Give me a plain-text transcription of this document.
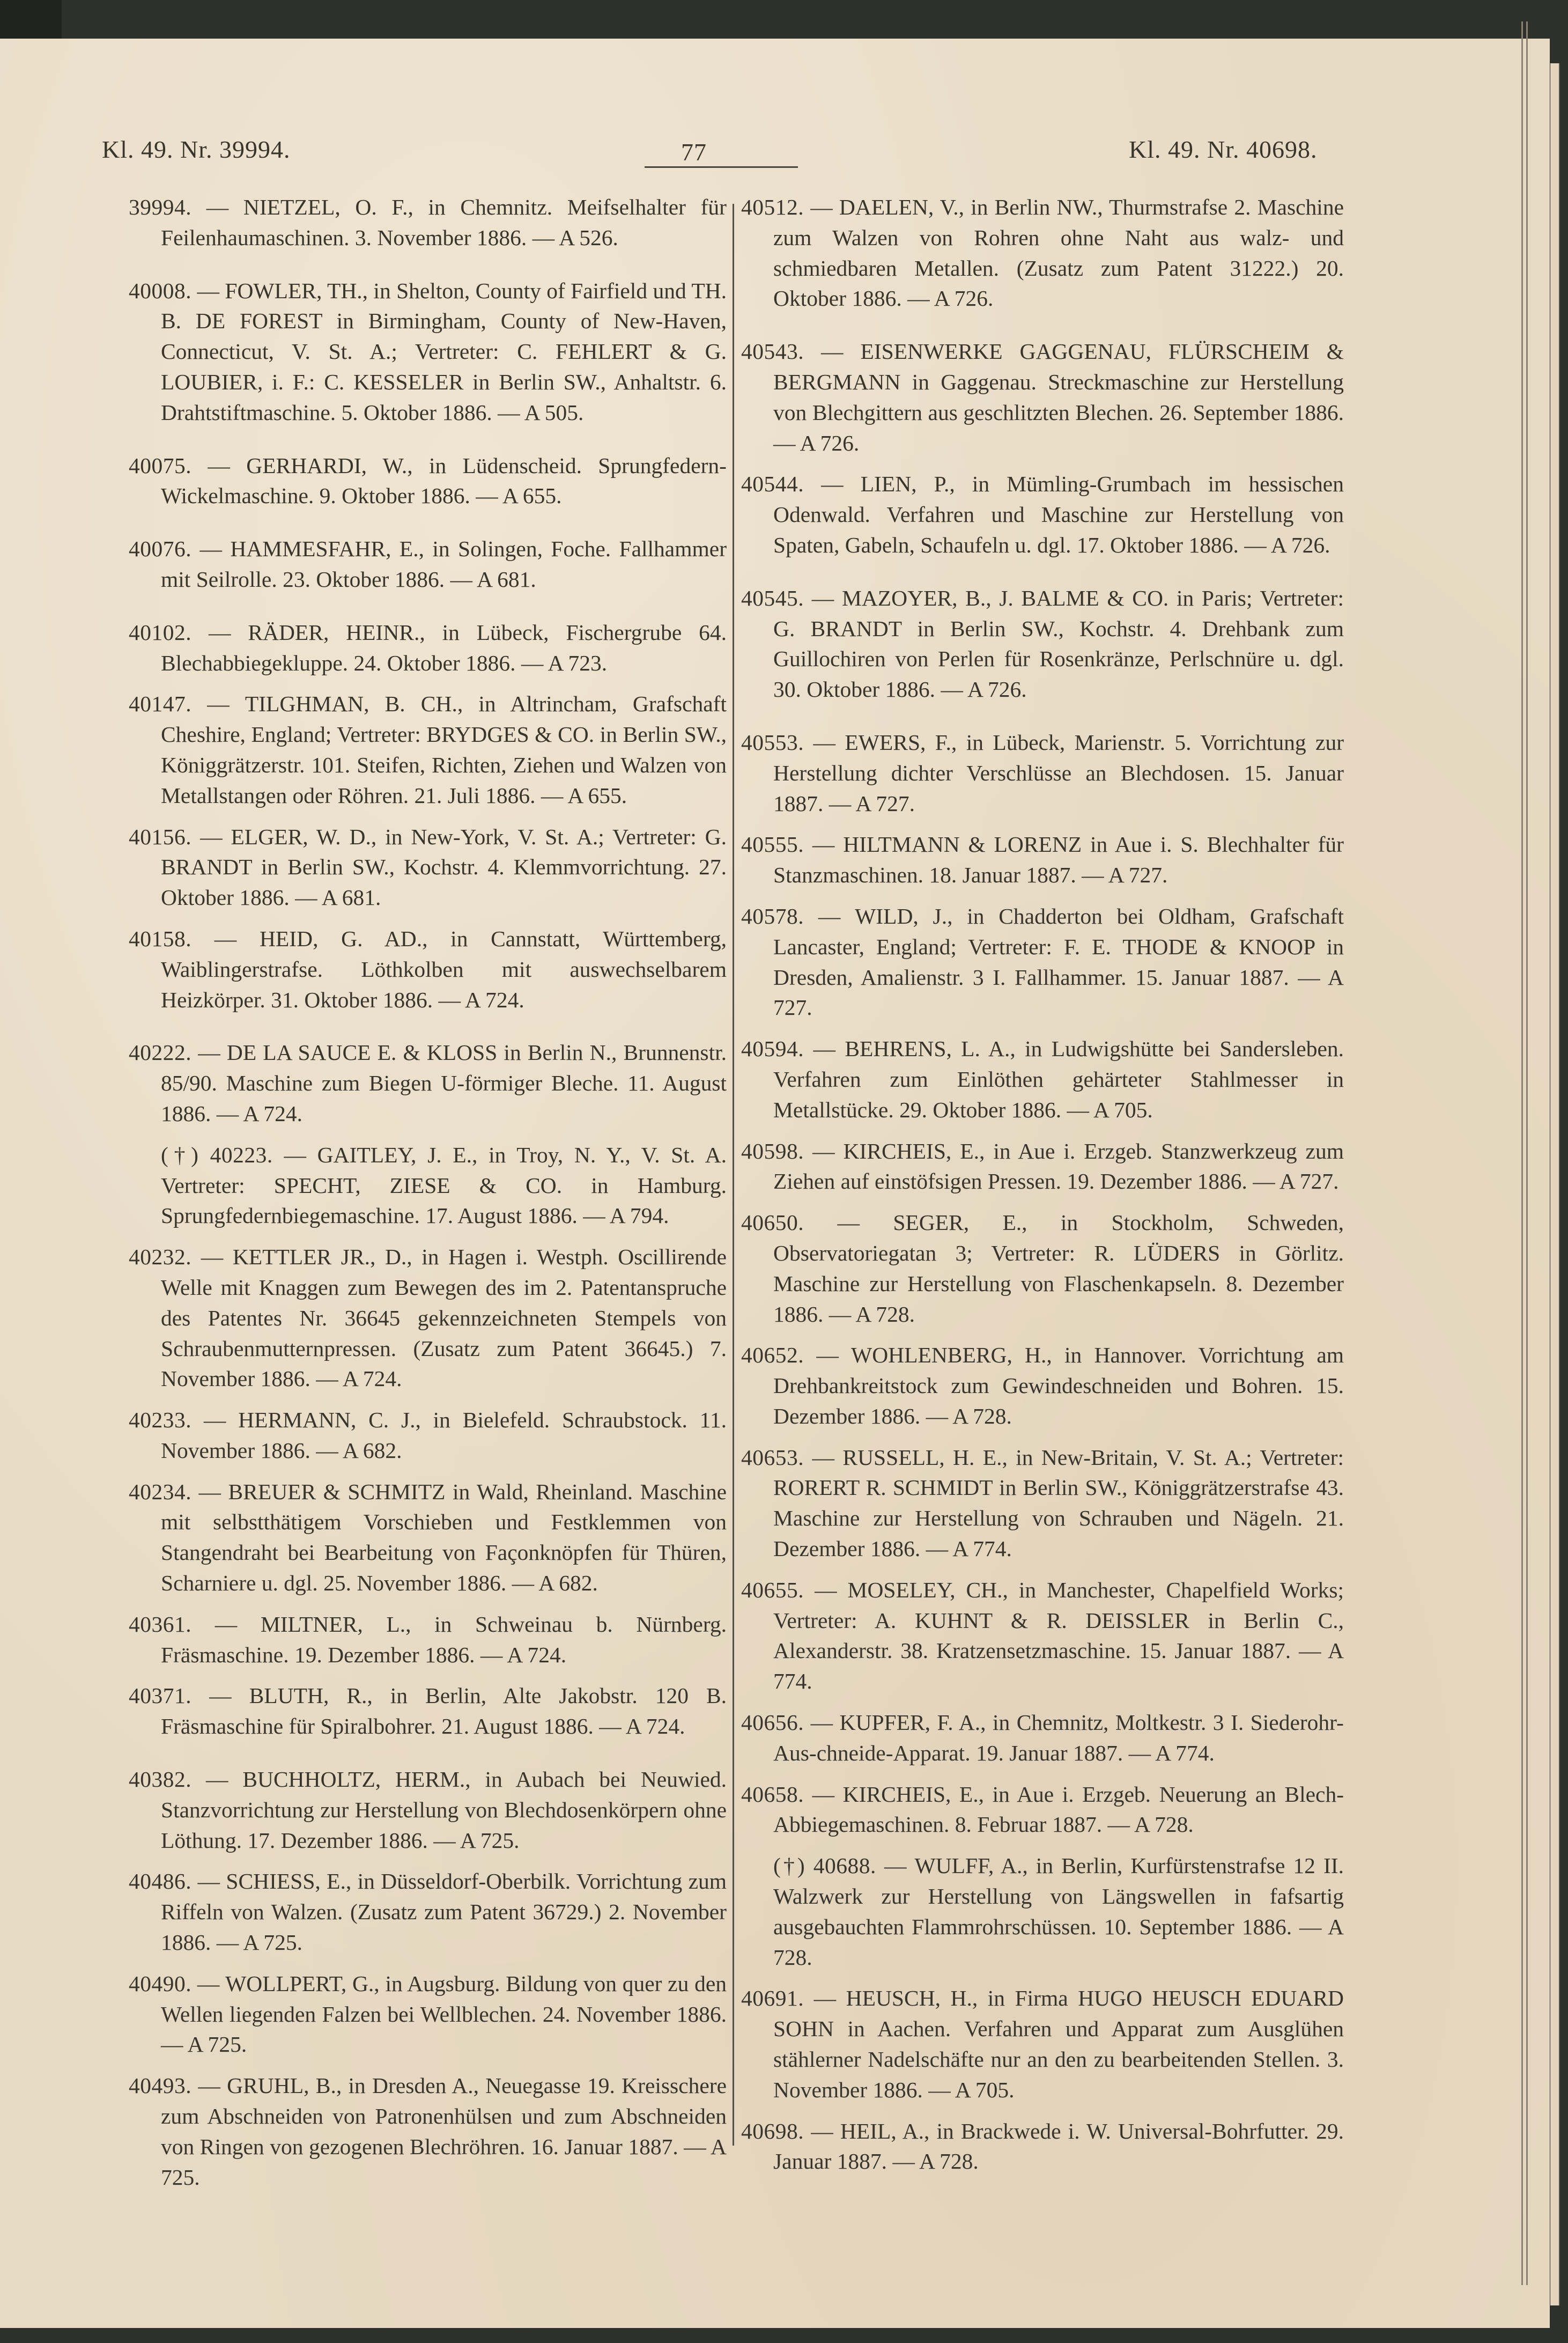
Kl. 49. Nr. 39994.	77	Kl. 49. Nr. 40698.

39994. — NIETZEL, O. F., in Chemnitz. Meifselhalter für Feilenhaumaschinen. 3. November 1886. — A 526.

40008. — FOWLER, TH., in Shelton, County of Fairfield und TH. B. DE FOREST in Birmingham, County of New-Haven, Connecticut, V. St. A.; Vertreter: C. FEHLERT & G. LOUBIER, i. F.: C. KESSELER in Berlin SW., Anhaltstr. 6. Drahtstiftmaschine. 5. Oktober 1886. — A 505.

40075. — GERHARDI, W., in Lüdenscheid. Sprungfedern-Wickelmaschine. 9. Oktober 1886. — A 655.

40076. — HAMMESFAHR, E., in Solingen, Foche. Fallhammer mit Seilrolle. 23. Oktober 1886. — A 681.

40102. — RÄDER, HEINR., in Lübeck, Fischergrube 64. Blechabbiegekluppe. 24. Oktober 1886. — A 723.

40147. — TILGHMAN, B. CH., in Altrincham, Grafschaft Cheshire, England; Vertreter: BRYDGES & CO. in Berlin SW., Königgrätzerstr. 101. Steifen, Richten, Ziehen und Walzen von Metallstangen oder Röhren. 21. Juli 1886. — A 655.

40156. — ELGER, W. D., in New-York, V. St. A.; Vertreter: G. BRANDT in Berlin SW., Kochstr. 4. Klemmvorrichtung. 27. Oktober 1886. — A 681.

40158. — HEID, G. AD., in Cannstatt, Württemberg, Waiblingerstrafse. Löthkolben mit auswechselbarem Heizkörper. 31. Oktober 1886. — A 724.

40222. — DE LA SAUCE E. & KLOSS in Berlin N., Brunnenstr. 85/90. Maschine zum Biegen U-förmiger Bleche. 11. August 1886. — A 724.

(†) 40223. — GAITLEY, J. E., in Troy, N. Y., V. St. A. Vertreter: SPECHT, ZIESE & CO. in Hamburg. Sprungfedernbiegemaschine. 17. August 1886. — A 794.

40232. — KETTLER JR., D., in Hagen i. Westph. Oscillirende Welle mit Knaggen zum Bewegen des im 2. Patentanspruche des Patentes Nr. 36645 gekennzeichneten Stempels von Schraubenmutternpressen. (Zusatz zum Patent 36645.) 7. November 1886. — A 724.

40233. — HERMANN, C. J., in Bielefeld. Schraubstock. 11. November 1886. — A 682.

40234. — BREUER & SCHMITZ in Wald, Rheinland. Maschine mit selbstthätigem Vorschieben und Festklemmen von Stangendraht bei Bearbeitung von Façonknöpfen für Thüren, Scharniere u. dgl. 25. November 1886. — A 682.

40361. — MILTNER, L., in Schweinau b. Nürnberg. Fräsmaschine. 19. Dezember 1886. — A 724.

40371. — BLUTH, R., in Berlin, Alte Jakobstr. 120 B. Fräsmaschine für Spiralbohrer. 21. August 1886. — A 724.

40382. — BUCHHOLTZ, HERM., in Aubach bei Neuwied. Stanzvorrichtung zur Herstellung von Blechdosenkörpern ohne Löthung. 17. Dezember 1886. — A 725.

40486. — SCHIESS, E., in Düsseldorf-Oberbilk. Vorrichtung zum Riffeln von Walzen. (Zusatz zum Patent 36729.) 2. November 1886. — A 725.

40490. — WOLLPERT, G., in Augsburg. Bildung von quer zu den Wellen liegenden Falzen bei Wellblechen. 24. November 1886. — A 725.

40493. — GRUHL, B., in Dresden A., Neuegasse 19. Kreisschere zum Abschneiden von Patronenhülsen und zum Abschneiden von Ringen von gezogenen Blechröhren. 16. Januar 1887. — A 725.

40512. — DAELEN, V., in Berlin NW., Thurmstrafse 2. Maschine zum Walzen von Rohren ohne Naht aus walz- und schmiedbaren Metallen. (Zusatz zum Patent 31222.) 20. Oktober 1886. — A 726.

40543. — EISENWERKE GAGGENAU, FLÜRSCHEIM & BERGMANN in Gaggenau. Streckmaschine zur Herstellung von Blechgittern aus geschlitzten Blechen. 26. September 1886. — A 726.

40544. — LIEN, P., in Mümling-Grumbach im hessischen Odenwald. Verfahren und Maschine zur Herstellung von Spaten, Gabeln, Schaufeln u. dgl. 17. Oktober 1886. — A 726.

40545. — MAZOYER, B., J. BALME & CO. in Paris; Vertreter: G. BRANDT in Berlin SW., Kochstr. 4. Drehbank zum Guillochiren von Perlen für Rosenkränze, Perlschnüre u. dgl. 30. Oktober 1886. — A 726.

40553. — EWERS, F., in Lübeck, Marienstr. 5. Vorrichtung zur Herstellung dichter Verschlüsse an Blechdosen. 15. Januar 1887. — A 727.

40555. — HILTMANN & LORENZ in Aue i. S. Blechhalter für Stanzmaschinen. 18. Januar 1887. — A 727.

40578. — WILD, J., in Chadderton bei Oldham, Grafschaft Lancaster, England; Vertreter: F. E. THODE & KNOOP in Dresden, Amalienstr. 3 I. Fallhammer. 15. Januar 1887. — A 727.

40594. — BEHRENS, L. A., in Ludwigshütte bei Sandersleben. Verfahren zum Einlöthen gehärteter Stahlmesser in Metallstücke. 29. Oktober 1886. — A 705.

40598. — KIRCHEIS, E., in Aue i. Erzgeb. Stanzwerkzeug zum Ziehen auf einstöfsigen Pressen. 19. Dezember 1886. — A 727.

40650. — SEGER, E., in Stockholm, Schweden, Observatoriegatan 3; Vertreter: R. LÜDERS in Görlitz. Maschine zur Herstellung von Flaschenkapseln. 8. Dezember 1886. — A 728.

40652. — WOHLENBERG, H., in Hannover. Vorrichtung am Drehbankreitstock zum Gewindeschneiden und Bohren. 15. Dezember 1886. — A 728.

40653. — RUSSELL, H. E., in New-Britain, V. St. A.; Vertreter: RORERT R. SCHMIDT in Berlin SW., Königgrätzerstrafse 43. Maschine zur Herstellung von Schrauben und Nägeln. 21. Dezember 1886. — A 774.

40655. — MOSELEY, CH., in Manchester, Chapelfield Works; Vertreter: A. KUHNT & R. DEISSLER in Berlin C., Alexanderstr. 38. Kratzensetzmaschine. 15. Januar 1887. — A 774.

40656. — KUPFER, F. A., in Chemnitz, Moltkestr. 3 I. Siederohr-Aus-chneide-Apparat. 19. Januar 1887. — A 774.

40658. — KIRCHEIS, E., in Aue i. Erzgeb. Neuerung an Blech-Abbiegemaschinen. 8. Februar 1887. — A 728.

(†) 40688. — WULFF, A., in Berlin, Kurfürstenstrafse 12 II. Walzwerk zur Herstellung von Längswellen in fafsartig ausgebauchten Flammrohrschüssen. 10. September 1886. — A 728.

40691. — HEUSCH, H., in Firma HUGO HEUSCH EDUARD SOHN in Aachen. Verfahren und Apparat zum Ausglühen stählerner Nadelschäfte nur an den zu bearbeitenden Stellen. 3. November 1886. — A 705.

40698. — HEIL, A., in Brackwede i. W. Universal-Bohrfutter. 29. Januar 1887. — A 728.
